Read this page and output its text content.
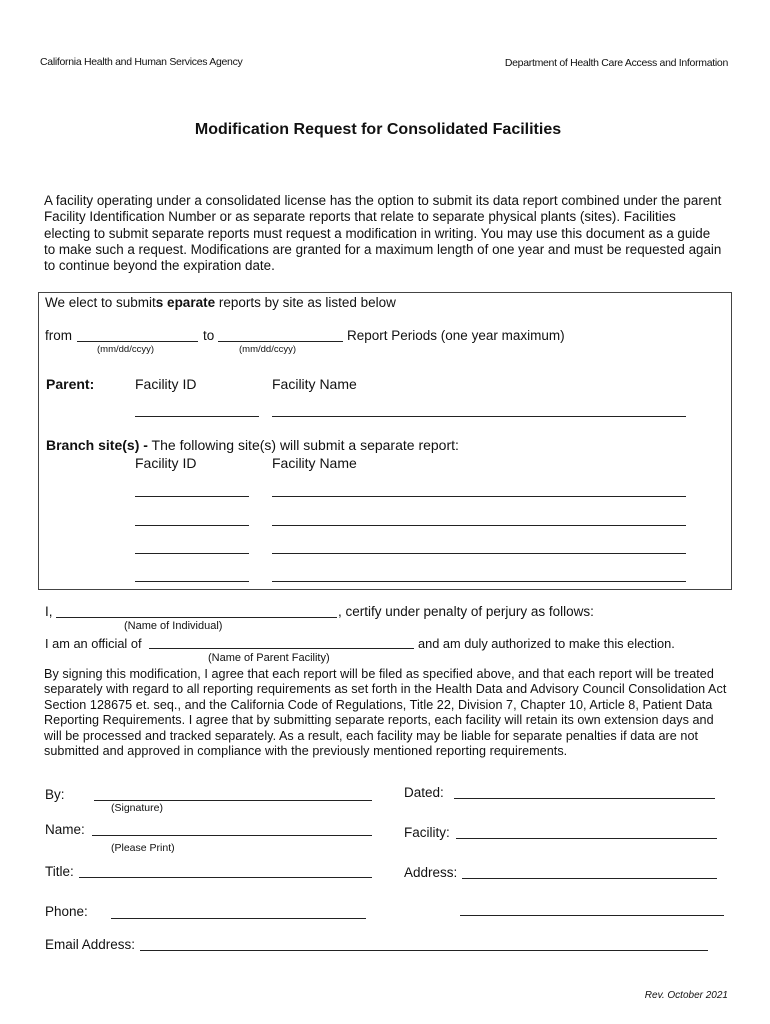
California Health and Human Services Agency	Department of Health Care Access and Information
Modification Request for Consolidated Facilities
A facility operating under a consolidated license has the option to submit its data report combined under the parent Facility Identification Number or as separate reports that relate to separate physical plants (sites). Facilities electing to submit separate reports must request a modification in writing. You may use this document as a guide to make such a request. Modifications are granted for a maximum length of one year and must be requested again to continue beyond the expiration date.
We elect to submits eparate reports by site as listed below
from	to	Report Periods (one year maximum)
(mm/dd/ccyy)	(mm/dd/ccyy)
Parent:	Facility ID	Facility Name
Branch site(s) - The following site(s) will submit a separate report:
Facility ID	Facility Name
I,	, certify under penalty of perjury as follows:
(Name of Individual)
I am an official of	and am duly authorized to make this election.
(Name of Parent Facility)
By signing this modification, I agree that each report will be filed as specified above, and that each report will be treated separately with regard to all reporting requirements as set forth in the Health Data and Advisory Council Consolidation Act Section 128675 et. seq., and the California Code of Regulations, Title 22, Division 7, Chapter 10, Article 8, Patient Data Reporting Requirements. I agree that by submitting separate reports, each facility will retain its own extension days and will be processed and tracked separately. As a result, each facility may be liable for separate penalties if data are not submitted and approved in compliance with the previously mentioned reporting requirements.
By:
(Signature)
Dated:
Name:
(Please Print)
Facility:
Title:	Address:
Phone:
Email Address:
Rev. October 2021
